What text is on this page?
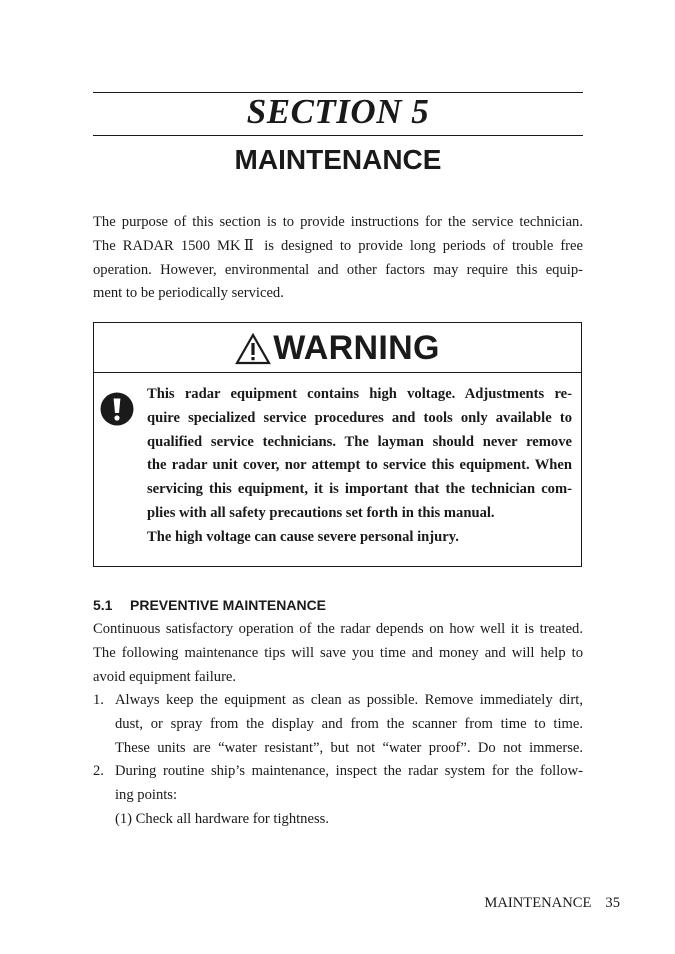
SECTION 5
MAINTENANCE
The purpose of this section is to provide instructions for the service technician.
The RADAR 1500 MKⅡ is designed to provide long periods of trouble free
operation. However, environmental and other factors may require this equip-
ment to be periodically serviced.
WARNING
This radar equipment contains high voltage. Adjustments re-
quire specialized service procedures and tools only available to
qualified service technicians. The layman should never remove
the radar unit cover, nor attempt to service this equipment. When
servicing this equipment, it is important that the technician com-
plies with all safety precautions set forth in this manual.
The high voltage can cause severe personal injury.
5.1 PREVENTIVE MAINTENANCE
Continuous satisfactory operation of the radar depends on how well it is treated.
The following maintenance tips will save you time and money and will help to
avoid equipment failure.
1. Always keep the equipment as clean as possible. Remove immediately dirt,
dust, or spray from the display and from the scanner from time to time.
These units are “water resistant”, but not “water proof”. Do not immerse.
2. During routine ship’s maintenance, inspect the radar system for the follow-
ing points:
(1) Check all hardware for tightness.
MAINTENANCE 35
